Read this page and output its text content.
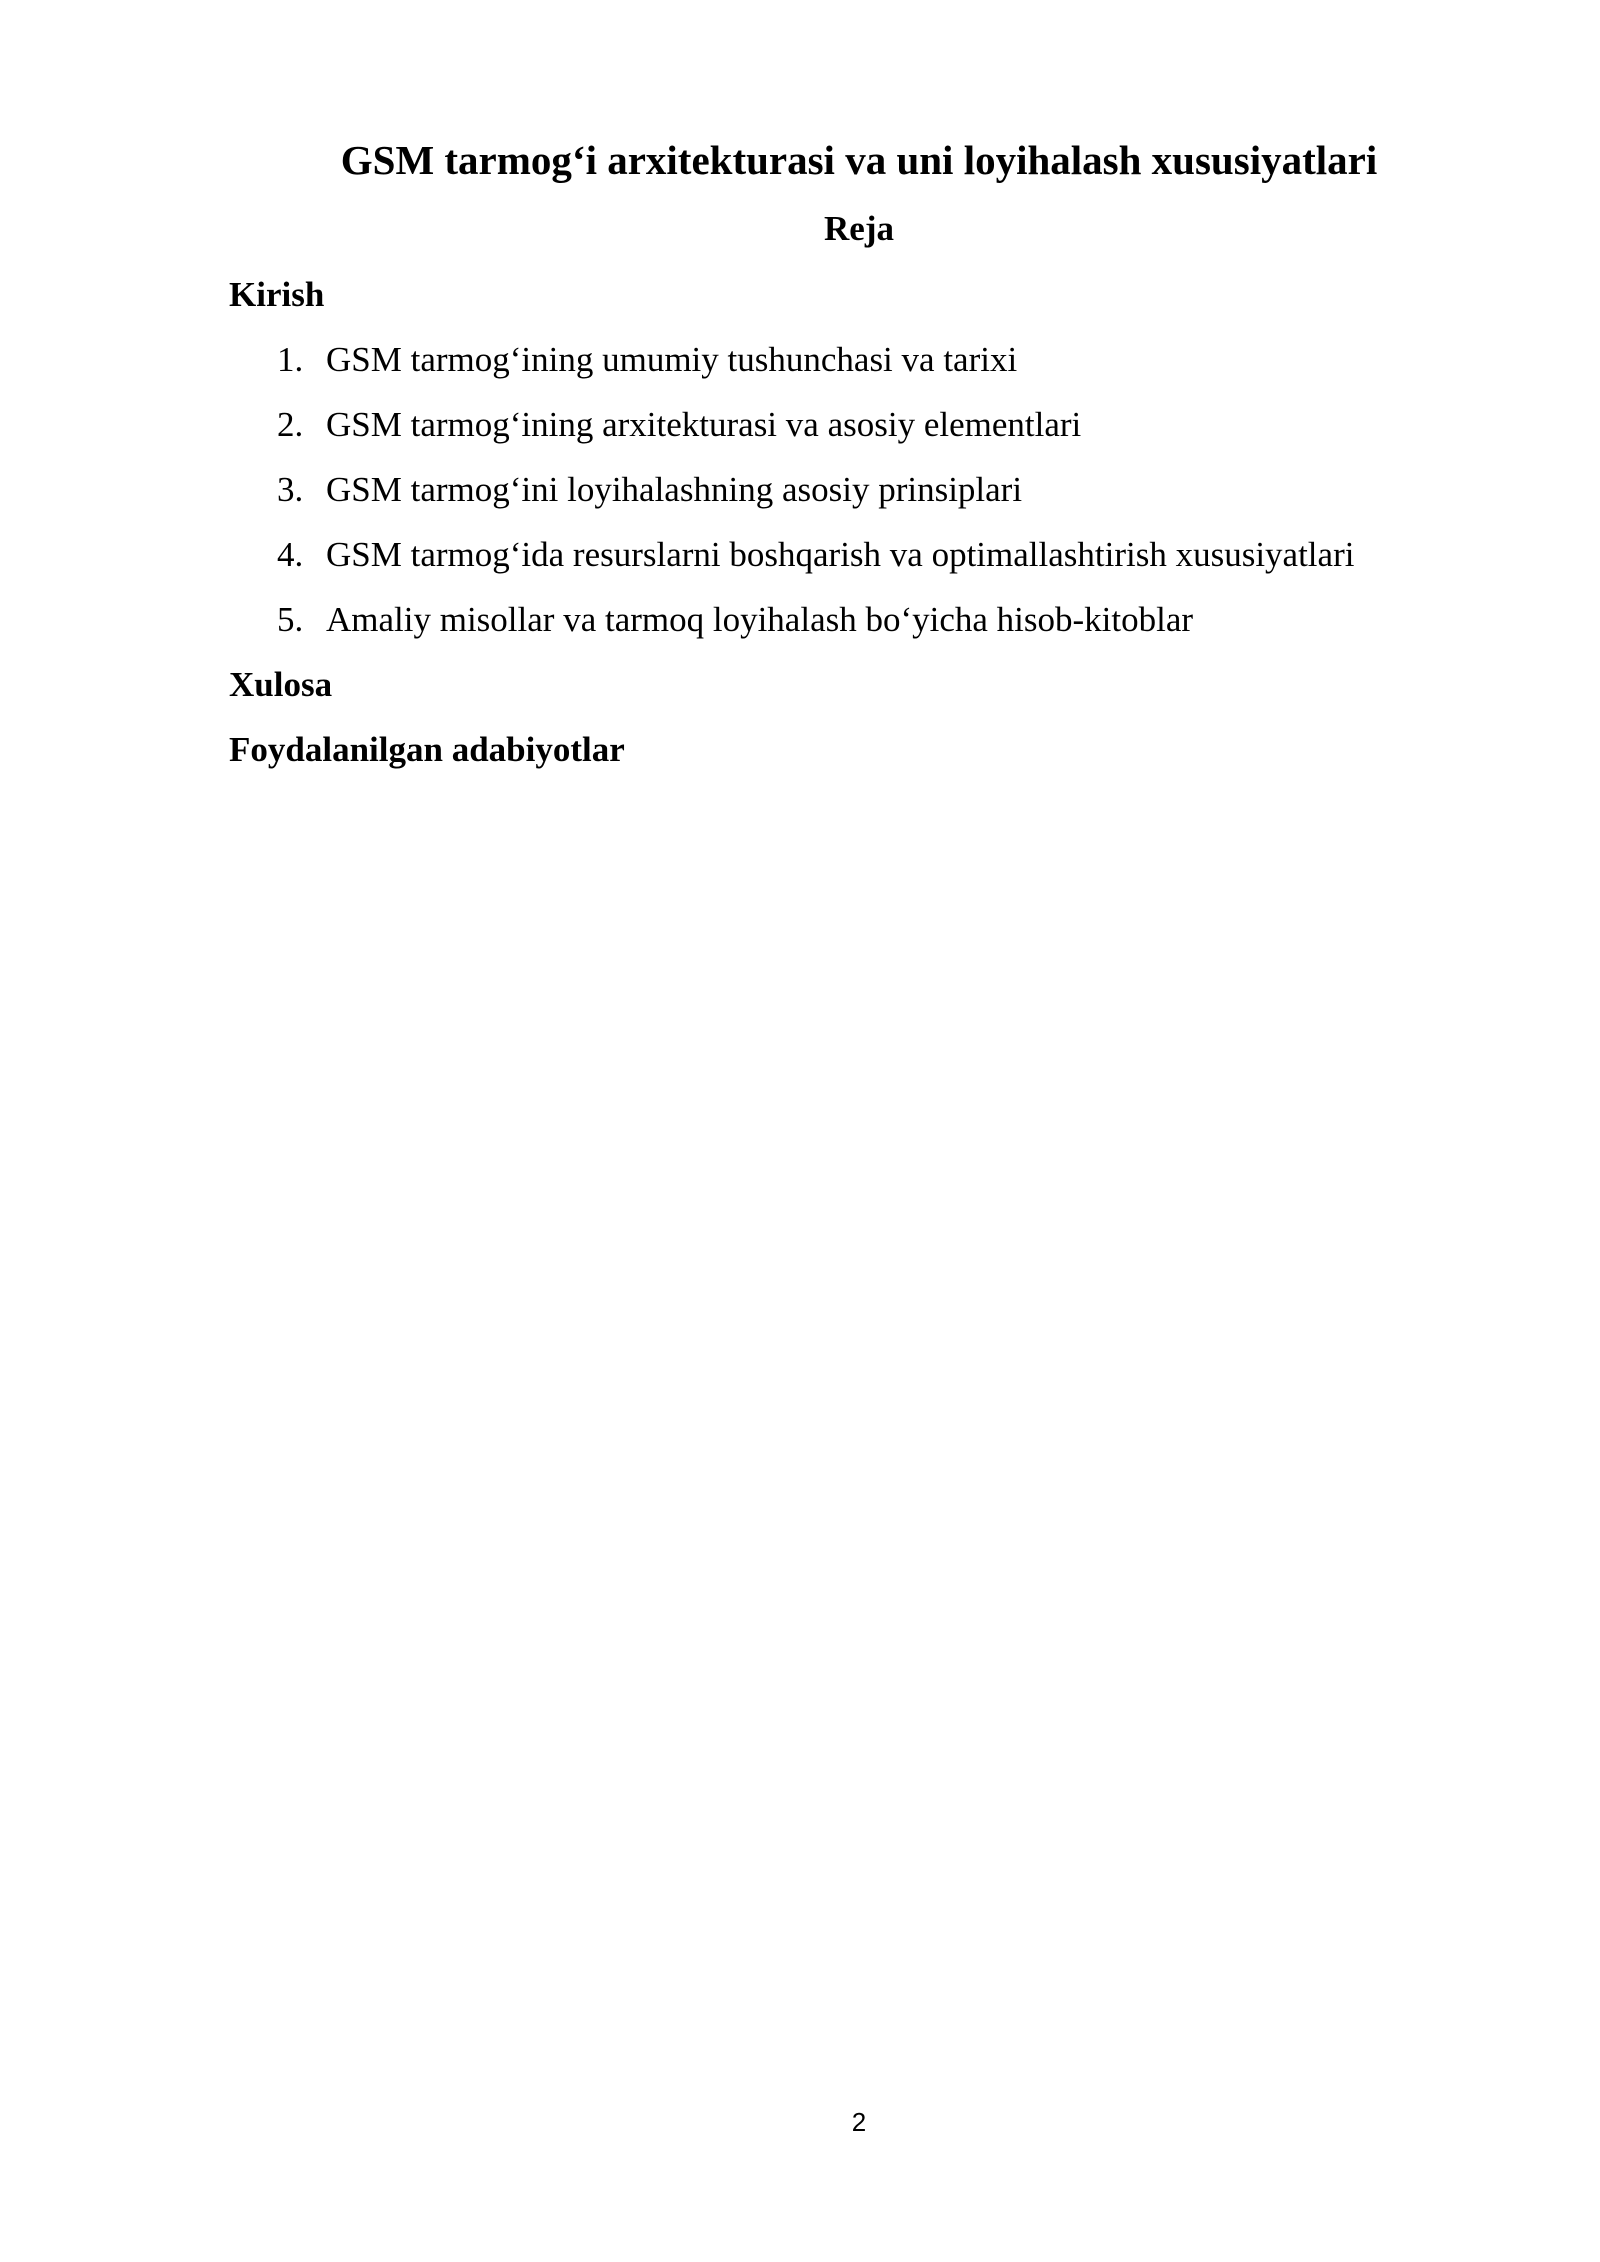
GSM tarmog‘i arxitekturasi va uni loyihalash xususiyatlari
Reja
Kirish
1. GSM tarmog‘ining umumiy tushunchasi va tarixi
2. GSM tarmog‘ining arxitekturasi va asosiy elementlari
3. GSM tarmog‘ini loyihalashning asosiy prinsiplari
4. GSM tarmog‘ida resurslarni boshqarish va optimallashtirish xususiyatlari
5. Amaliy misollar va tarmoq loyihalash bo‘yicha hisob-kitoblar
Xulosa
Foydalanilgan adabiyotlar
2
